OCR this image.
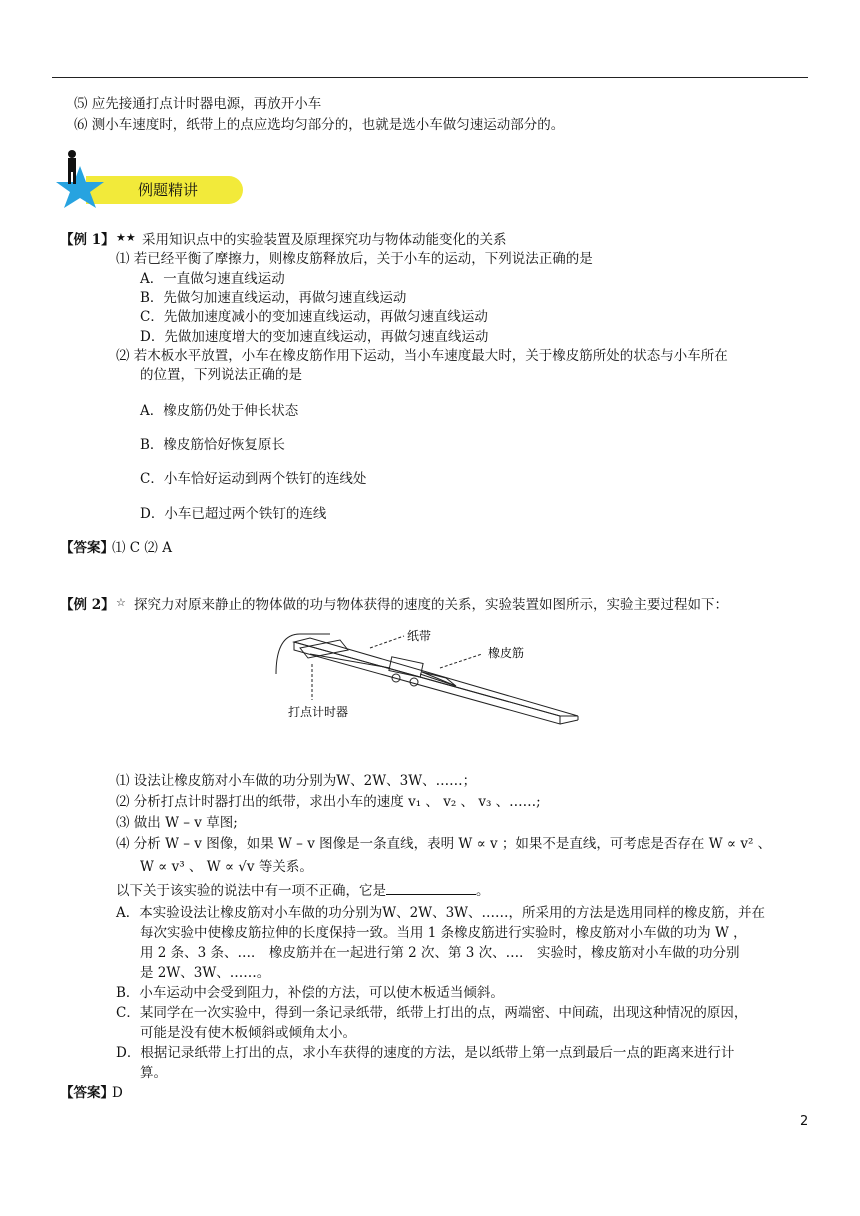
⑸ 应先接通打点计时器电源，再放开小车
⑹ 测小车速度时，纸带上的点应选均匀部分的，也就是选小车做匀速运动部分的。
例题精讲
【例 1】 ★★ 采用知识点中的实验装置及原理探究功与物体动能变化的关系
⑴ 若已经平衡了摩擦力，则橡皮筋释放后，关于小车的运动，下列说法正确的是
A．一直做匀速直线运动
B．先做匀加速直线运动，再做匀速直线运动
C．先做加速度减小的变加速直线运动，再做匀速直线运动
D．先做加速度增大的变加速直线运动，再做匀速直线运动
⑵ 若木板水平放置，小车在橡皮筋作用下运动，当小车速度最大时，关于橡皮筋所处的状态与小车所在
的位置，下列说法正确的是
A．橡皮筋仍处于伸长状态
B．橡皮筋恰好恢复原长
C．小车恰好运动到两个铁钉的连线处
D．小车已超过两个铁钉的连线
【答案】
⑴ C ⑵ A
【例 2】 ☆ 探究力对原来静止的物体做的功与物体获得的速度的关系，实验装置如图所示，实验主要过程如下：
纸带
橡皮筋
打点计时器
⑴ 设法让橡皮筋对小车做的功分别为W、2W、3W、……；
⑵ 分析打点计时器打出的纸带，求出小车的速度 v₁ 、 v₂ 、 v₃ 、……;
⑶ 做出 W – v 草图;
⑷ 分析 W – v 图像，如果 W – v 图像是一条直线，表明 W ∝ v ；如果不是直线，可考虑是否存在 W ∝ v² 、
W ∝ v³ 、 W ∝ √v 等关系。
以下关于该实验的说法中有一项不正确，它是	。
A．本实验设法让橡皮筋对小车做的功分别为W、2W、3W、……，所采用的方法是选用同样的橡皮筋，并在
每次实验中使橡皮筋拉伸的长度保持一致。当用 1 条橡皮筋进行实验时，橡皮筋对小车做的功为 W ，
用 2 条、3 条、…． 橡皮筋并在一起进行第 2 次、第 3 次、…． 实验时，橡皮筋对小车做的功分别
是 2W、3W、……。
B．小车运动中会受到阻力，补偿的方法，可以使木板适当倾斜。
C．某同学在一次实验中，得到一条记录纸带，纸带上打出的点，两端密、中间疏，出现这种情况的原因，
可能是没有使木板倾斜或倾角太小。
D．根据记录纸带上打出的点，求小车获得的速度的方法，是以纸带上第一点到最后一点的距离来进行计
算。
【答案】
D
2
